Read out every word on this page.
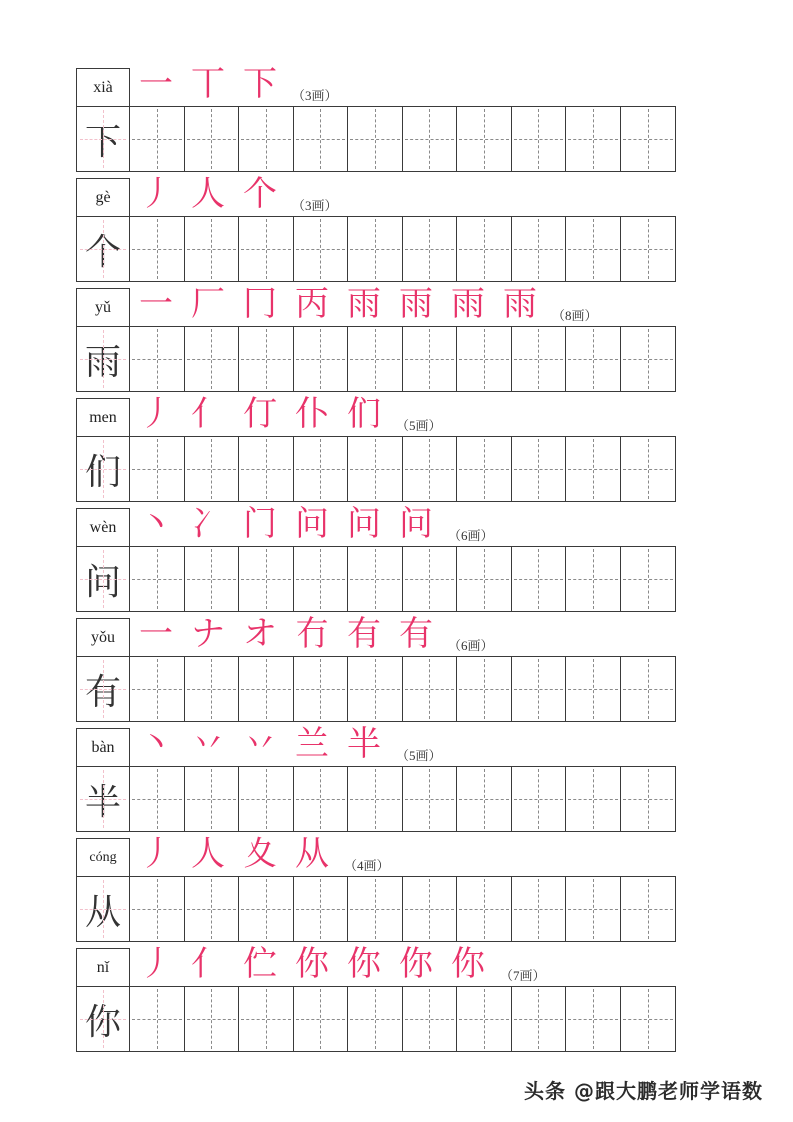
一 丅 下	（3画）
xià
下
丿 人 个	（3画）
gè
个
一 厂 冂 丙 雨 雨 雨 雨	（8画）
yǔ
雨
丿 亻 仃 仆 们	（5画）
men
们
丶 冫 门 问 问 问	（6画）
wèn
问
一 ナ オ 冇 有 有	（6画）
yǒu
有
丶 丷 丷 兰 半	（5画）
bàn
半
丿 人 夊 从	（4画）
cóng
从
丿 亻 伫 你 你 你 你	（7画）
nǐ
你
头条 @跟大鹏老师学语数
